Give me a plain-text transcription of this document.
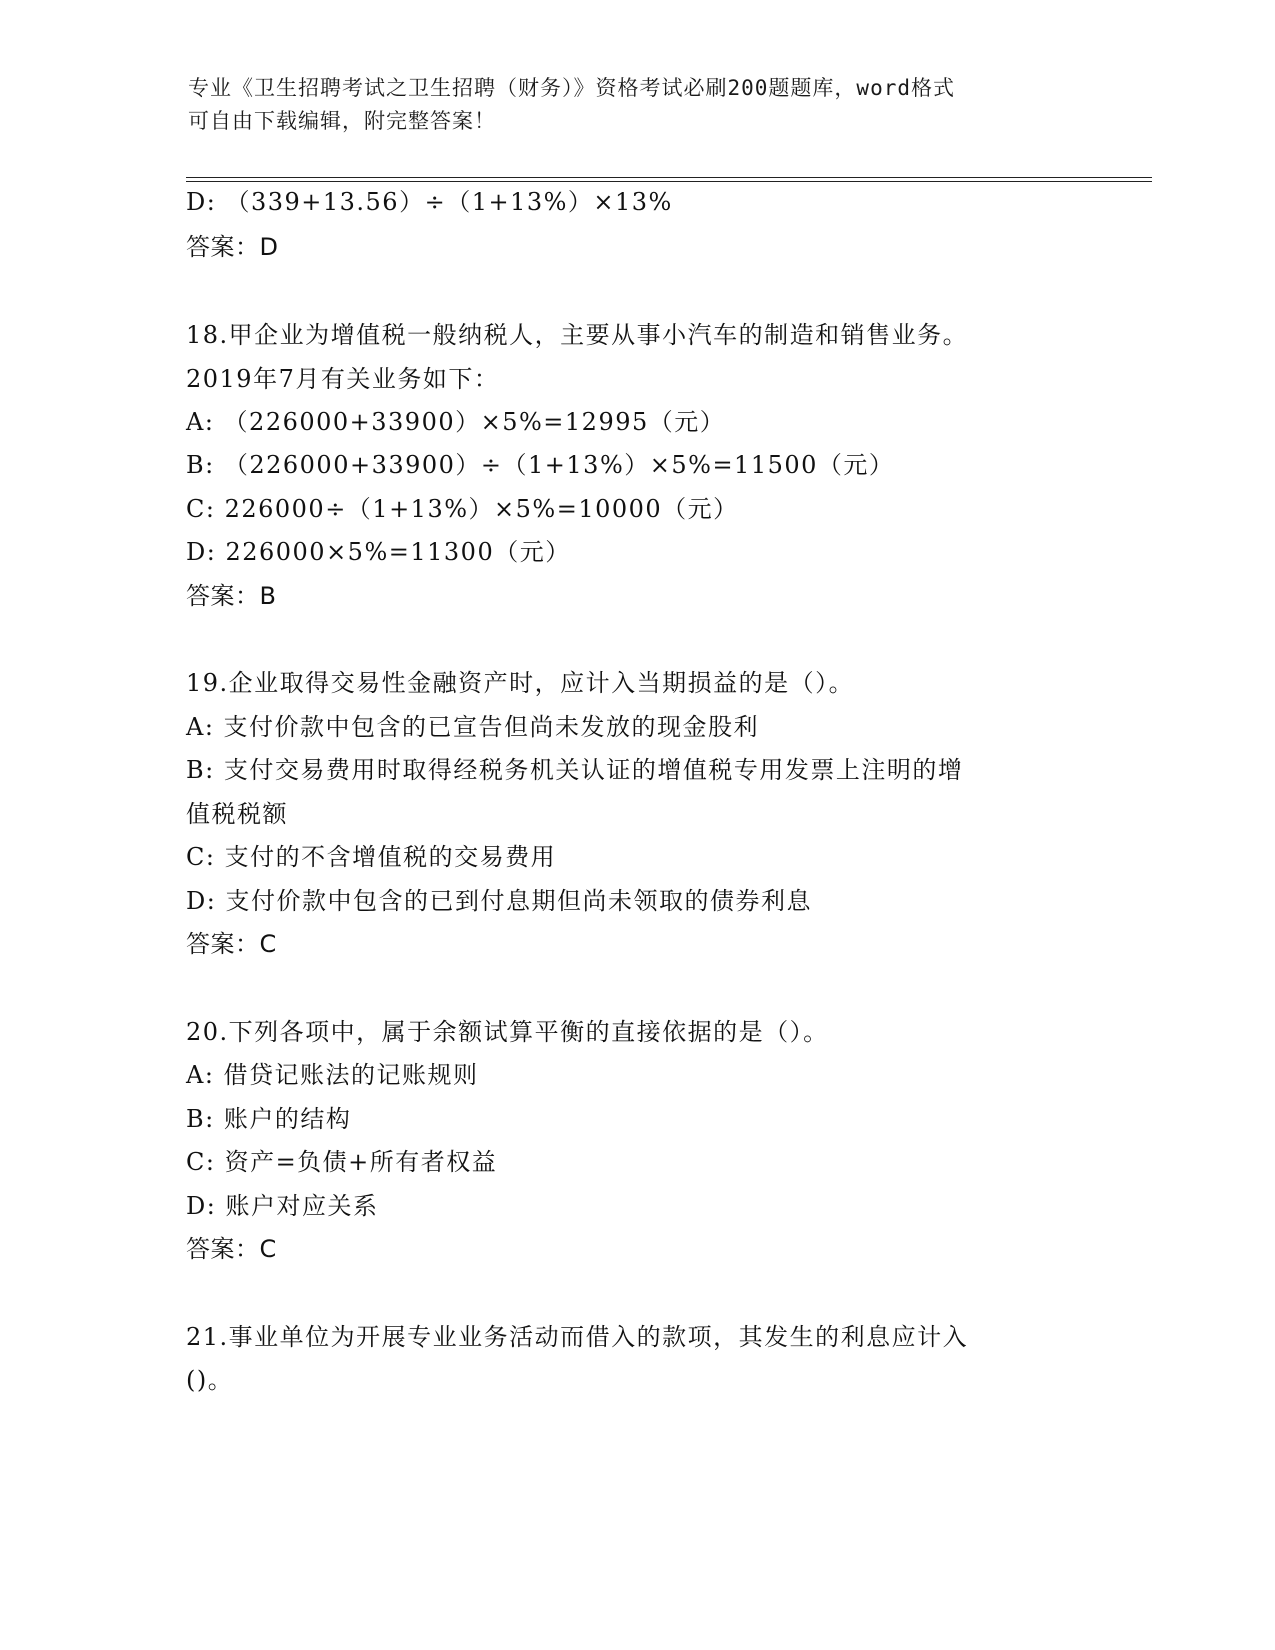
专业《卫生招聘考试之卫生招聘（财务）》资格考试必刷200题题库，word格式
可自由下载编辑，附完整答案！
D: （339+13.56）÷（1+13%）×13%
答案：D
18.甲企业为增值税一般纳税人，主要从事小汽车的制造和销售业务。
2019年7月有关业务如下：
A: （226000+33900）×5%=12995（元）
B: （226000+33900）÷（1+13%）×5%=11500（元）
C: 226000÷（1+13%）×5%=10000（元）
D: 226000×5%=11300（元）
答案：B
19.企业取得交易性金融资产时，应计入当期损益的是（）。
A: 支付价款中包含的已宣告但尚未发放的现金股利
B: 支付交易费用时取得经税务机关认证的增值税专用发票上注明的增
值税税额
C: 支付的不含增值税的交易费用
D: 支付价款中包含的已到付息期但尚未领取的债券利息
答案：C
20.下列各项中，属于余额试算平衡的直接依据的是（）。
A: 借贷记账法的记账规则
B: 账户的结构
C: 资产=负债+所有者权益
D: 账户对应关系
答案：C
21.事业单位为开展专业业务活动而借入的款项，其发生的利息应计入
()。
